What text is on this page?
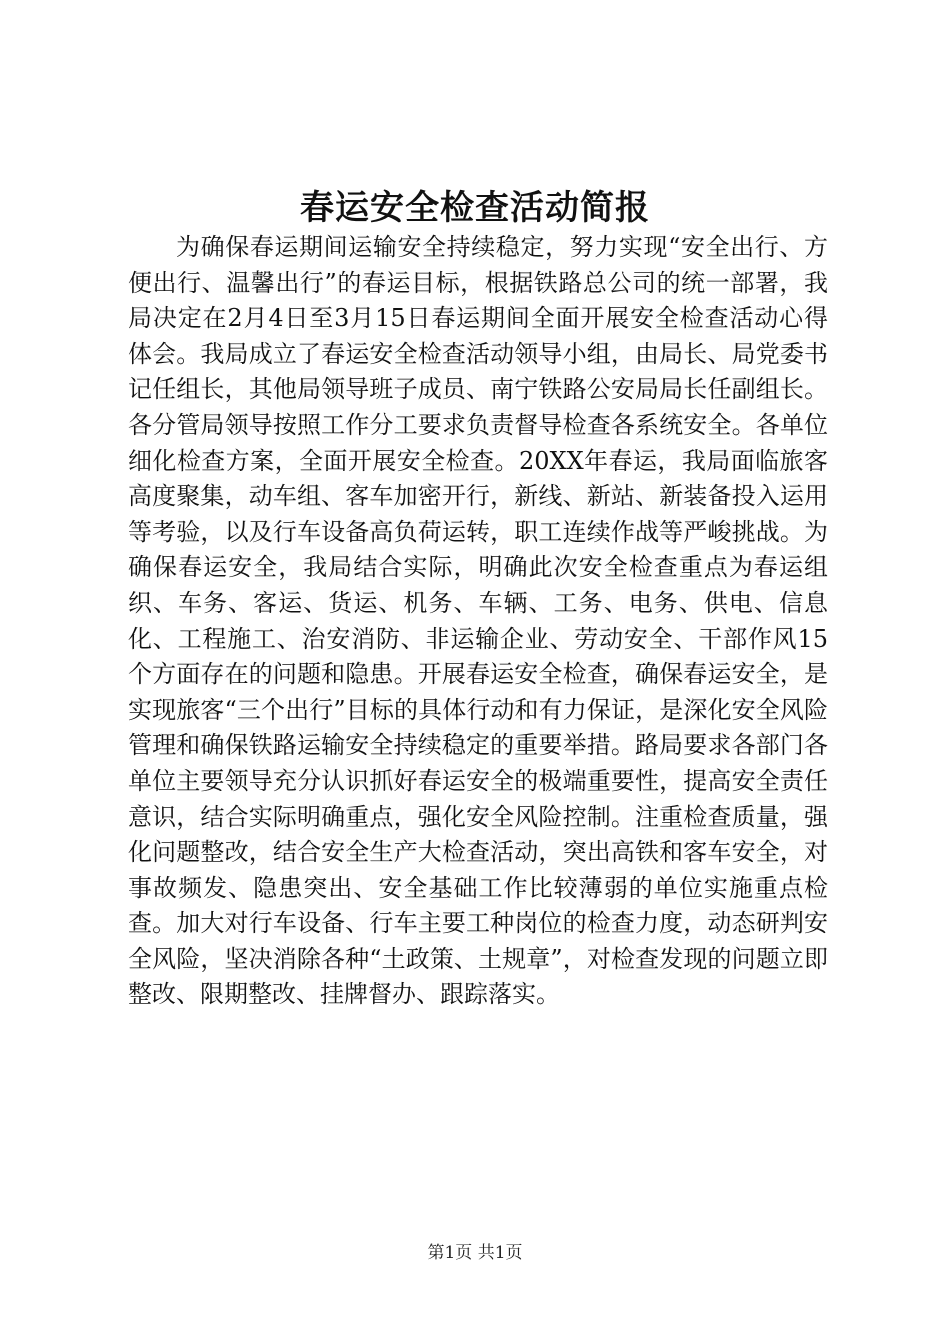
春运安全检查活动简报

为确保春运期间运输安全持续稳定，努力实现“安全出行、方便出行、温馨出行”的春运目标，根据铁路总公司的统一部署，我局决定在2月4日至3月15日春运期间全面开展安全检查活动心得体会。我局成立了春运安全检查活动领导小组，由局长、局党委书记任组长，其他局领导班子成员、南宁铁路公安局局长任副组长。各分管局领导按照工作分工要求负责督导检查各系统安全。各单位细化检查方案，全面开展安全检查。20XX年春运，我局面临旅客高度聚集，动车组、客车加密开行，新线、新站、新装备投入运用等考验，以及行车设备高负荷运转，职工连续作战等严峻挑战。为确保春运安全，我局结合实际，明确此次安全检查重点为春运组织、车务、客运、货运、机务、车辆、工务、电务、供电、信息化、工程施工、治安消防、非运输企业、劳动安全、干部作风15个方面存在的问题和隐患。开展春运安全检查，确保春运安全，是实现旅客“三个出行”目标的具体行动和有力保证，是深化安全风险管理和确保铁路运输安全持续稳定的重要举措。路局要求各部门各单位主要领导充分认识抓好春运安全的极端重要性，提高安全责任意识，结合实际明确重点，强化安全风险控制。注重检查质量，强化问题整改，结合安全生产大检查活动，突出高铁和客车安全，对事故频发、隐患突出、安全基础工作比较薄弱的单位实施重点检查。加大对行车设备、行车主要工种岗位的检查力度，动态研判安全风险，坚决消除各种“土政策、土规章”，对检查发现的问题立即整改、限期整改、挂牌督办、跟踪落实。

第1页 共1页
